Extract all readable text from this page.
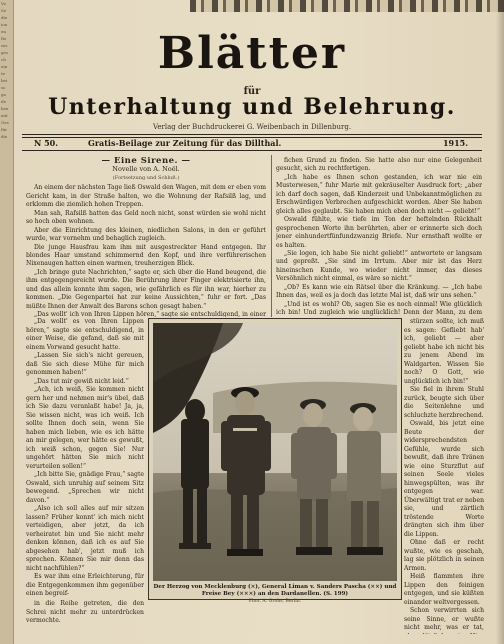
Vo
Se
die
ion
en
Re
ses
ges
ch
ein
te
bei
so
ga
ife
ben
mit
Ges
für
die
Blätter
für
Unterhaltung und Belehrung.
Verlag der Buchdruckerei G. Weibenbach in Dillenburg.
N 50.	Gratis-Beilage zur Zeitung für das Dillthal.	1915.

— Eine Sirene. —

Novelle von A. Noël.

(Fortsetzung und Schluß.)

An einem der nächsten Tage ließ Oswald den Wagen, mit dem er eben vom Gericht kam, in der Straße halten, wo die Wohnung der Rafsilß lag, und erklomm die ziemlich hohen Treppen.

Man sah, Rafsilß hatten das Geld noch nicht, sonst würden sie wohl nicht so hoch oben wohnen.

Aber die Einrichtung des kleinen, niedlichen Salons, in den er geführt wurde, war vornehm und behaglich zugleich.

Die junge Hausfrau kam ihm mit ausgestreckter Hand entgegen. Ihr blondes Haar umstand schimmernd den Kopf, und ihre verführerischen Nixenaugen hatten einen warmen, treuherzigen Blick.

„Ich bringe gute Nachrichten,“ sagte er, sich über die Hand beugend, die ihm entgegengereicht wurde. Die Berührung ihrer Finger elektrisierte ihn, und das allein konnte ihm sagen, wie gefährlich es für ihn war, hierher zu kommen. „Die Gegenpartei hat zur keine Aussichten,“ fuhr er fort. „Das müßte Ihnen der Anwalt des Barons schon gesagt haben.“

„Das wollt' ich von Ihren Lippen hören,“ sagte sie entschuldigend, in einer

fichen Grund zu finden. Sie hatte also nur eine Gelegenheit gesucht, sich zu rechtfertigen.

„Ich habe es Ihnen schon gestanden, ich war nie ein Musterwesen,“ fuhr Marie mit gekräuselter Ausdruck fort; „aber ich darf doch sagen, daß Kinderzeit und Unbekanntmöglichen zu Erschwürdigen Verbrechen aufgeschickt worden. Aber Sie haben gleich alles geglaubt. Sie haben mich eben doch nicht — geliebt!“

Oswald fühlte, wie tiefe im Ton der heftelnden Rückhalt gesprochenen Worte ihn berührten, aber er erinnerte sich doch jener einhundertfünfundzwanzig Briefe. Nur ernsthaft wollte er es halten.

„Sie logen, ich habe Sie nicht geliebt!“ antwortete er langsam und gepreßt. „Sie sind im Irrtum. Aber mir ist das Herz hineinschen Kunde, wo wieder nicht immer, das dieses Versöhnlich nicht einmal, es wäre so nicht.“

„Ob? Es kann wie ein Rätsel über die Kränkung. — „Ich habe Ihnen das, weil es ja doch das letzte Mal ist, daß wir uns sehen.“

„Und ist es wohl? Ob, sagen Sie es noch einmal! Wie glücklich ich bin! Und zugleich wie unglücklich! Denn der Mann, zu dem

„Da wollt' es von Ihren Lippen hören,“ sagte sie entschuldigend, in einer Weise, die gefand, daß sie mit einem Vorwand gesucht hatte.

„Lassen Sie sich's nicht gereuen, daß Sie sich diese Mühe für mich genommen haben!“

„Das tut mir gewiß nicht leid.“

„Ach, ich weiß, Sie kommen nicht gern her und nehmen mir's übel, daß ich Sie dazu veranlaßt habe! Ja, ja, Sie wissen nicht, was ich weiß. Ich sollte Ihnen doch sein, wenn Sie haben mich lieben, wie es ich hätte an mir gelegen, wer hätte es gewußt, ich weiß schon, gegen Sie! Nur ungehört hätten Sie mich nicht verurteilen sollen!“

„Ich bitte Sie, gnädige Frau,“ sagte Oswald, sich unruhig auf seinem Sitz bewegend. „Sprechen wir nicht davon.“

„Also ich soll alles auf mir sitzen lassen? Früher konnt' ich mich nicht verteidigen, aber jetzt, da ich verheiratet bin und Sie nicht mehr denken können, daß ich es auf Sie abgesehen hab', jetzt muß ich sprechen. Können Sie mir denn das nicht nachfühlen?“

Es war ihm eine Erleichterung, für die Entgegenkommen ihm gegenüber einen begreif-

in die Reihe getreten, die den Schrei nicht mehr zu unterdrücken vermochte.

Der Herzog von Mecklenburg (×), General Liman v. Sanders Pascha (××) und Freise Bey (×××) an den Dardanellen. (S. 199)
Phot. A. Grohs, Berlin.

stürzen sollte, ich muß es sagen: Gefliebt hab' ich, geliebt — aber geliebt habe ich nicht bis zu jenem Abend im Waldgarten. Wissen Sie noch? O Gott, wie unglücklich ich bin!“

Sie fiel in ihrem Stuhl zurück, beugte sich über die Seitenlehne und schluchzte herzbrechend.

Oswald, bis jetzt eine Beute der widersprechendsten Gefühle, wurde sich bewußt, daß ihre Tränen wie eine Sturzflut auf seinen Seele vieles hinwegspülten, was ihr entgegen war. Überwältigt trat er neben sie, und zärtlich tröstende Worte drängten sich ihm über die Lippen.

Ohne daß er recht wußte, wie es geschah, lag sie plötzlich in seinen Armen.

Heiß flammten ihre Lippen den feinigen entgegen, und sie küßten einander weltvergessen.

Schon verwirrten sich seine Sinne, er wußte nicht mehr, was er tat,
